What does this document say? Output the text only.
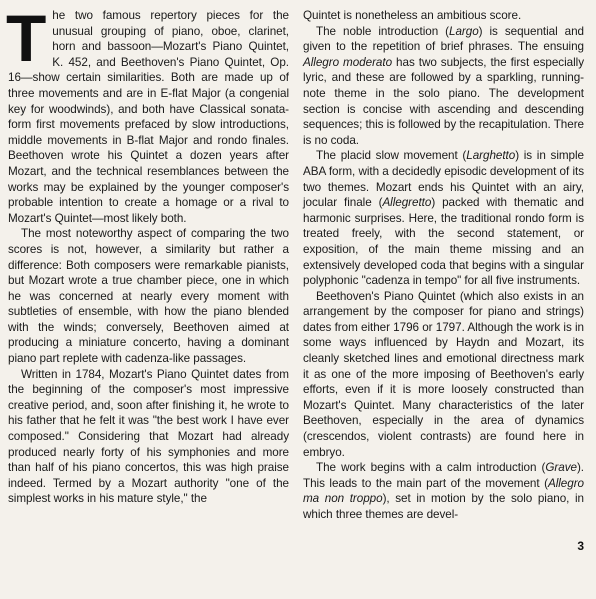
The two famous repertory pieces for the unusual grouping of piano, oboe, clarinet, horn and bassoon—Mozart's Piano Quintet, K. 452, and Beethoven's Piano Quintet, Op. 16—show certain similarities. Both are made up of three movements and are in E-flat Major (a congenial key for woodwinds), and both have Classical sonata-form first movements prefaced by slow introductions, middle movements in B-flat Major and rondo finales. Beethoven wrote his Quintet a dozen years after Mozart, and the technical resemblances between the works may be explained by the younger composer's probable intention to create a homage or a rival to Mozart's Quintet—most likely both.

The most noteworthy aspect of comparing the two scores is not, however, a similarity but rather a difference: Both composers were remarkable pianists, but Mozart wrote a true chamber piece, one in which he was concerned at nearly every moment with subtleties of ensemble, with how the piano blended with the winds; conversely, Beethoven aimed at producing a miniature concerto, having a dominant piano part replete with cadenza-like passages.

Written in 1784, Mozart's Piano Quintet dates from the beginning of the composer's most impressive creative period, and, soon after finishing it, he wrote to his father that he felt it was "the best work I have ever composed." Considering that Mozart had already produced nearly forty of his symphonies and more than half of his piano concertos, this was high praise indeed. Termed by a Mozart authority "one of the simplest works in his mature style," the

Quintet is nonetheless an ambitious score.

The noble introduction (Largo) is sequential and given to the repetition of brief phrases. The ensuing Allegro moderato has two subjects, the first especially lyric, and these are followed by a sparkling, running-note theme in the solo piano. The development section is concise with ascending and descending sequences; this is followed by the recapitulation. There is no coda.

The placid slow movement (Larghetto) is in simple ABA form, with a decidedly episodic development of its two themes. Mozart ends his Quintet with an airy, jocular finale (Allegretto) packed with thematic and harmonic surprises. Here, the traditional rondo form is treated freely, with the second statement, or exposition, of the main theme missing and an extensively developed coda that begins with a singular polyphonic "cadenza in tempo" for all five instruments.

Beethoven's Piano Quintet (which also exists in an arrangement by the composer for piano and strings) dates from either 1796 or 1797. Although the work is in some ways influenced by Haydn and Mozart, its cleanly sketched lines and emotional directness mark it as one of the more imposing of Beethoven's early efforts, even if it is more loosely constructed than Mozart's Quintet. Many characteristics of the later Beethoven, especially in the area of dynamics (crescendos, violent contrasts) are found here in embryo.

The work begins with a calm introduction (Grave). This leads to the main part of the movement (Allegro ma non troppo), set in motion by the solo piano, in which three themes are devel-

3
